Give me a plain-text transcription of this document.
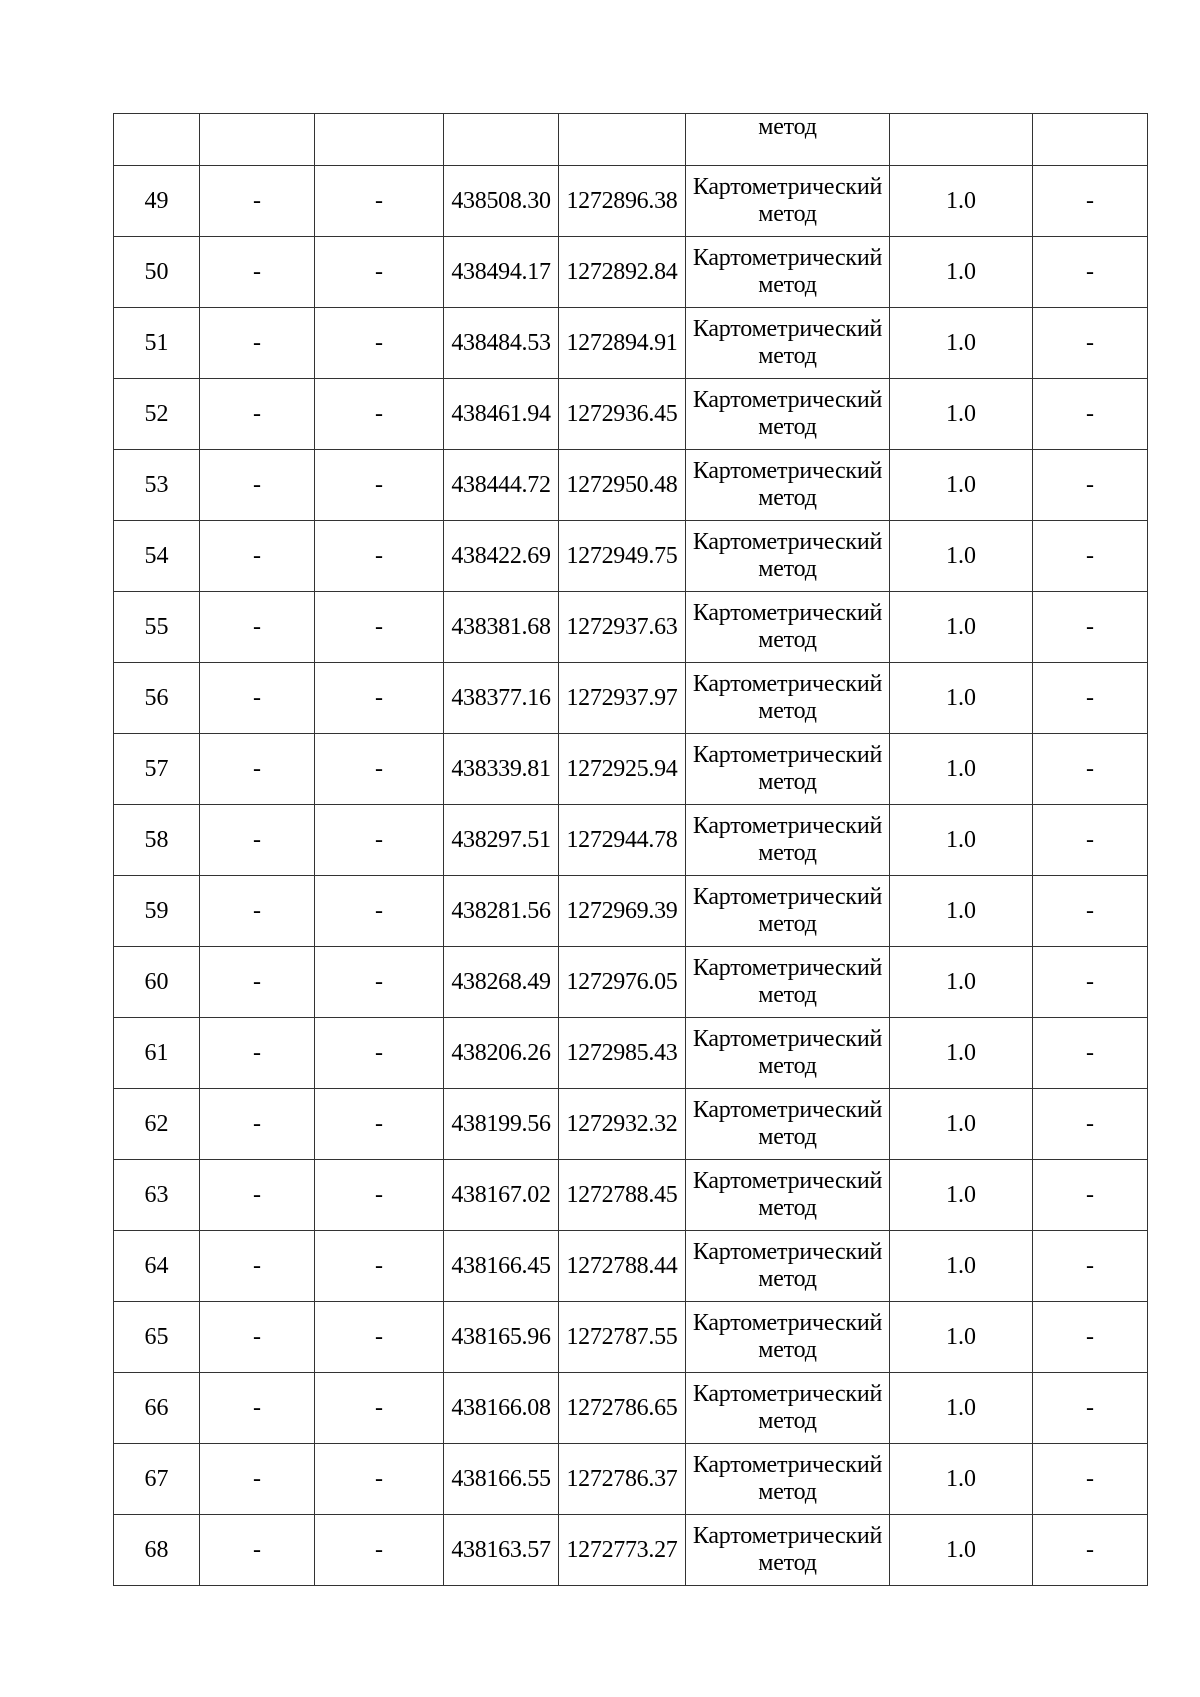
					метод		

49	-	-	438508.30	1272896.38	Картометрический
метод	1.0	-
50	-	-	438494.17	1272892.84	Картометрический
метод	1.0	-
51	-	-	438484.53	1272894.91	Картометрический
метод	1.0	-
52	-	-	438461.94	1272936.45	Картометрический
метод	1.0	-
53	-	-	438444.72	1272950.48	Картометрический
метод	1.0	-
54	-	-	438422.69	1272949.75	Картометрический
метод	1.0	-
55	-	-	438381.68	1272937.63	Картометрический
метод	1.0	-
56	-	-	438377.16	1272937.97	Картометрический
метод	1.0	-
57	-	-	438339.81	1272925.94	Картометрический
метод	1.0	-
58	-	-	438297.51	1272944.78	Картометрический
метод	1.0	-
59	-	-	438281.56	1272969.39	Картометрический
метод	1.0	-
60	-	-	438268.49	1272976.05	Картометрический
метод	1.0	-
61	-	-	438206.26	1272985.43	Картометрический
метод	1.0	-
62	-	-	438199.56	1272932.32	Картометрический
метод	1.0	-
63	-	-	438167.02	1272788.45	Картометрический
метод	1.0	-
64	-	-	438166.45	1272788.44	Картометрический
метод	1.0	-
65	-	-	438165.96	1272787.55	Картометрический
метод	1.0	-
66	-	-	438166.08	1272786.65	Картометрический
метод	1.0	-
67	-	-	438166.55	1272786.37	Картометрический
метод	1.0	-
68	-	-	438163.57	1272773.27	Картометрический
метод	1.0	-
